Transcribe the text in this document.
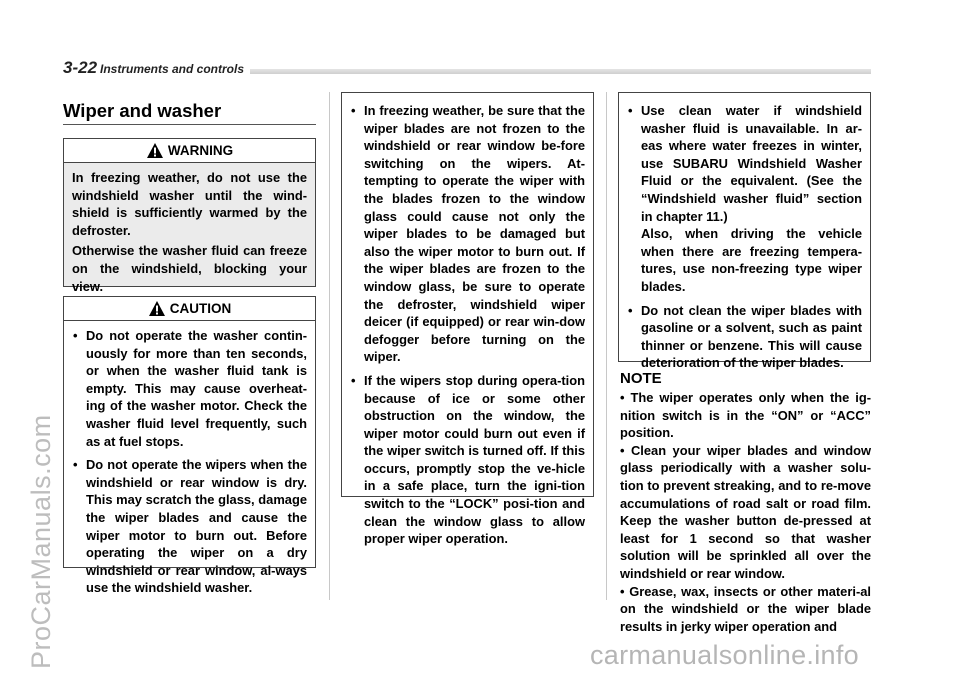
3-22 Instruments and controls
Wiper and washer
WARNING

In freezing weather, do not use the windshield washer until the wind-shield is sufficiently warmed by the defroster.

Otherwise the washer fluid can freeze on the windshield, blocking your view.

CAUTION
• Do not operate the washer contin-uously for more than ten seconds, or when the washer fluid tank is empty. This may cause overheat-ing of the washer motor. Check the washer fluid level frequently, such as at fuel stops.
• Do not operate the wipers when the windshield or rear window is dry. This may scratch the glass, damage the wiper blades and cause the wiper motor to burn out. Before operating the wiper on a dry windshield or rear window, al-ways use the windshield washer.
• In freezing weather, be sure that the wiper blades are not frozen to the windshield or rear window be-fore switching on the wipers. At-tempting to operate the wiper with the blades frozen to the window glass could cause not only the wiper blades to be damaged but also the wiper motor to burn out. If the wiper blades are frozen to the window glass, be sure to operate the defroster, windshield wiper deicer (if equipped) or rear win-dow defogger before turning on the wiper.
• If the wipers stop during opera-tion because of ice or some other obstruction on the window, the wiper motor could burn out even if the wiper switch is turned off. If this occurs, promptly stop the ve-hicle in a safe place, turn the igni-tion switch to the “LOCK” posi-tion and clean the window glass to allow proper wiper operation.
• Use clean water if windshield washer fluid is unavailable. In ar-eas where water freezes in winter, use SUBARU Windshield Washer Fluid or the equivalent. (See the “Windshield washer fluid” section in chapter 11.)
Also, when driving the vehicle when there are freezing tempera-tures, use non-freezing type wiper blades.
• Do not clean the wiper blades with gasoline or a solvent, such as paint thinner or benzene. This will cause deterioration of the wiper blades.
NOTE
• The wiper operates only when the ig-nition switch is in the “ON” or “ACC” position.
• Clean your wiper blades and window glass periodically with a washer solu-tion to prevent streaking, and to re-move accumulations of road salt or road film. Keep the washer button de-pressed at least for 1 second so that washer solution will be sprinkled all over the windshield or rear window.
• Grease, wax, insects or other materi-al on the windshield or the wiper blade results in jerky wiper operation and
ProCarManuals.com	carmanualsonline.info
